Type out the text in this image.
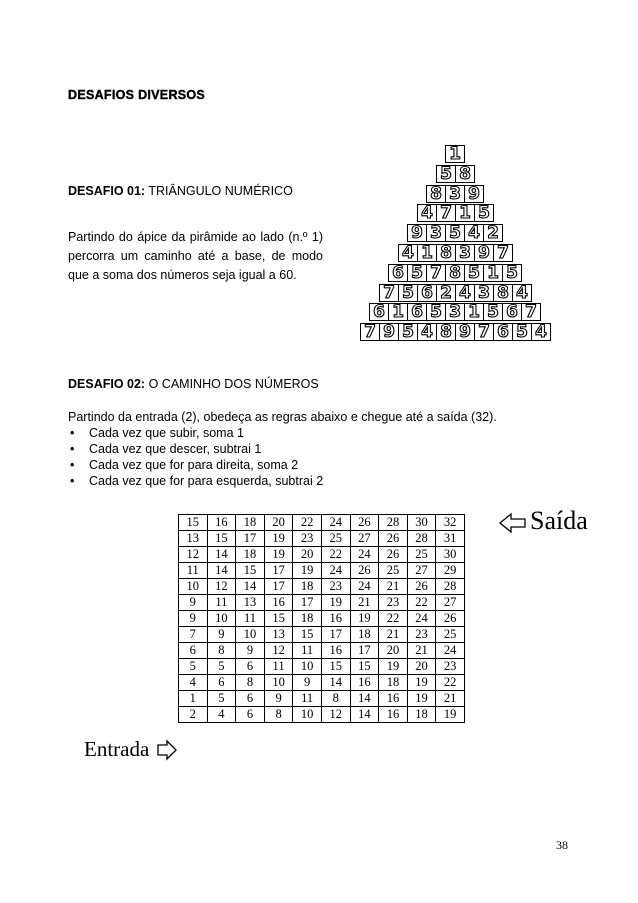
DESAFIOS DIVERSOS
DESAFIO 01: TRIÂNGULO NUMÉRICO
Partindo do ápice da pirâmide ao lado (n.º 1) percorra um caminho até a base, de modo que a soma dos números seja igual a 60.
1
5 8
8 3 9
4 7 1 5
9 3 5 4 2
4 1 8 3 9 7
6 5 7 8 5 1 5
7 5 6 2 4 3 8 4
6 1 6 5 3 1 5 6 7
7 9 5 4 8 9 7 6 5 4
DESAFIO 02: O CAMINHO DOS NÚMEROS
Partindo da entrada (2), obedeça as regras abaixo e chegue até a saída (32).
• Cada vez que subir, soma 1
• Cada vez que descer, subtrai 1
• Cada vez que for para direita, soma 2
• Cada vez que for para esquerda, subtrai 2
15	16	18	20	22	24	26	28	30	32
13	15	17	19	23	25	27	26	28	31
12	14	18	19	20	22	24	26	25	30
11	14	15	17	19	24	26	25	27	29
10	12	14	17	18	23	24	21	26	28
9	11	13	16	17	19	21	23	22	27
9	10	11	15	18	16	19	22	24	26
7	9	10	13	15	17	18	21	23	25
6	8	9	12	11	16	17	20	21	24
5	5	6	11	10	15	15	19	20	23
4	6	8	10	9	14	16	18	19	22
1	5	6	9	11	8	14	16	19	21
2	4	6	8	10	12	14	16	18	19
Saída
Entrada
38
